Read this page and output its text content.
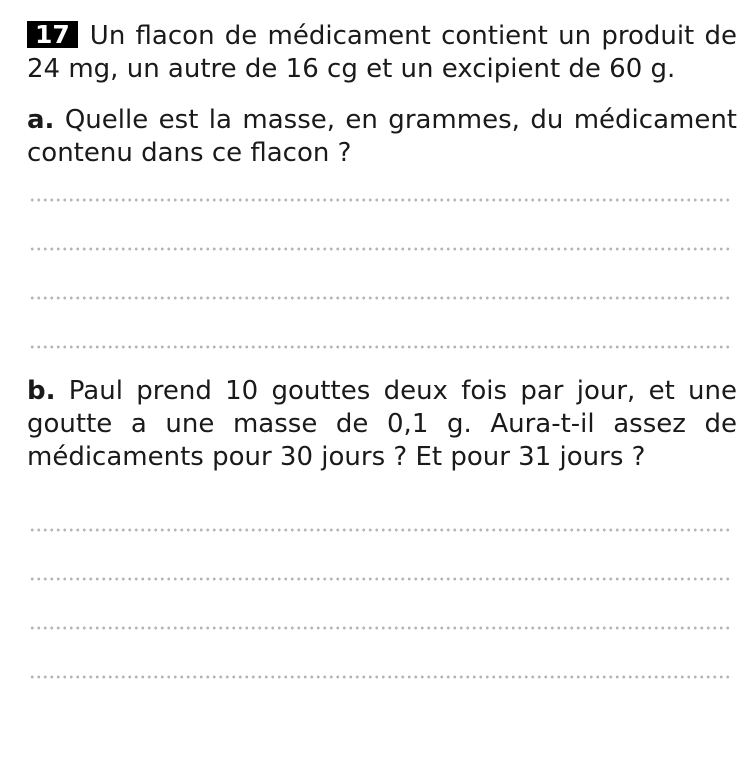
17 Un flacon de médicament contient un produit de 24 mg, un autre de 16 cg et un excipient de 60 g.

a. Quelle est la masse, en grammes, du médicament contenu dans ce flacon ?

b. Paul prend 10 gouttes deux fois par jour, et une goutte a une masse de 0,1 g. Aura-t-il assez de médicaments pour 30 jours ? Et pour 31 jours ?
